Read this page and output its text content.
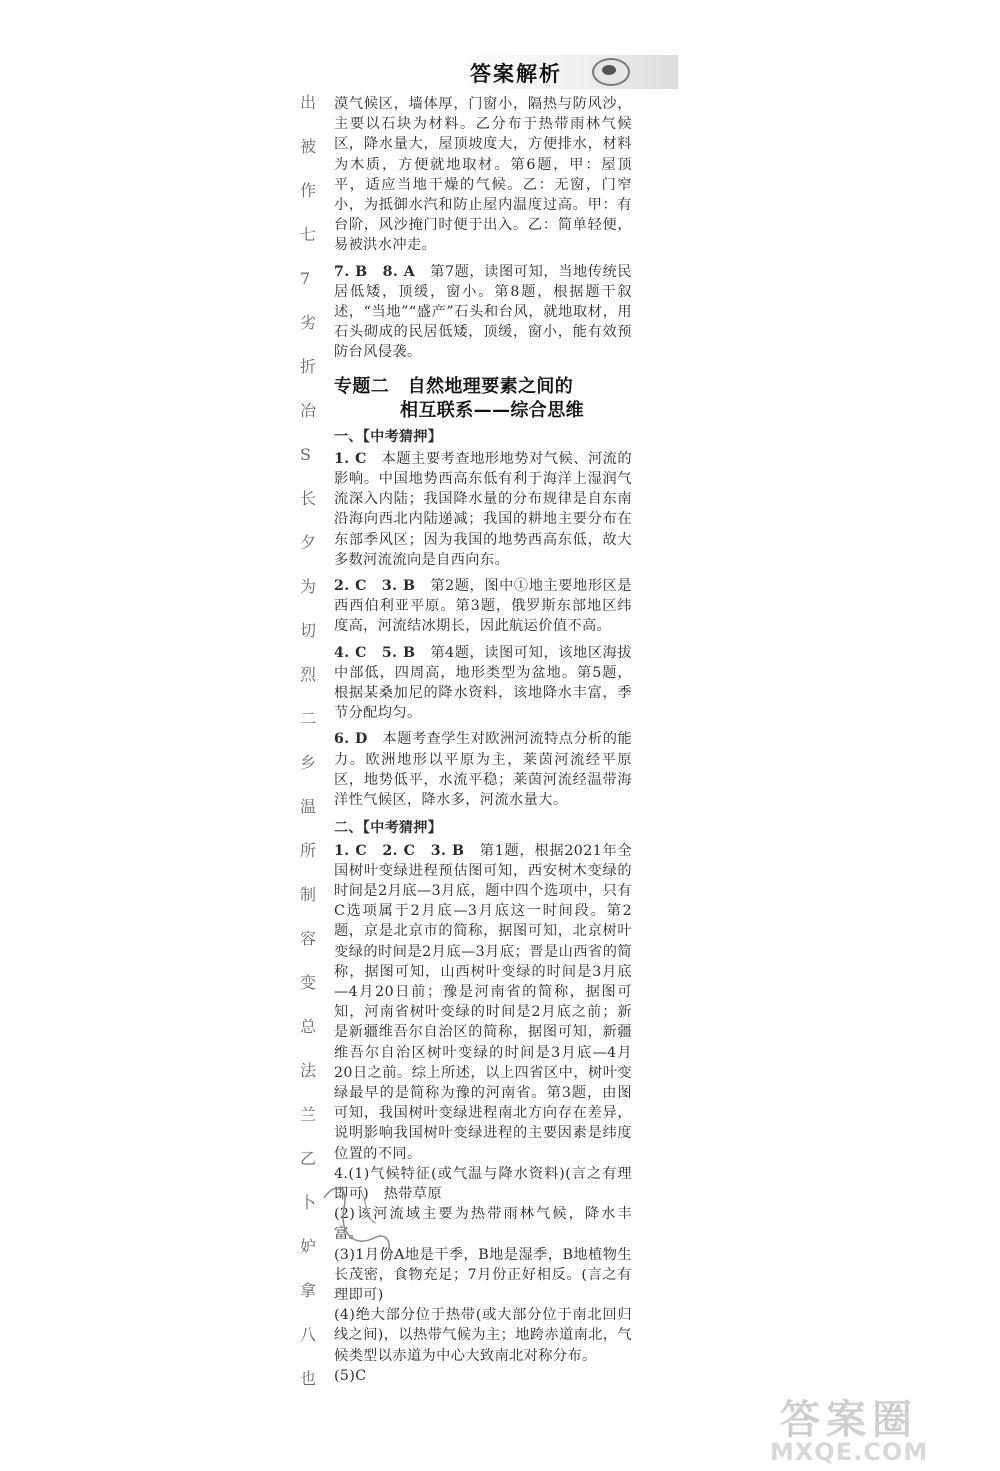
答案解析
出
被
作
七
7
劣
折
冶
S
长
夕
为
切
烈
二
乡
温
所
制
容
变
总
法
兰
乙
卜
妒
拿
八
也

漠气候区，墙体厚，门窗小，隔热与防风沙，主要以石块为材料。乙分布于热带雨林气候区，降水量大，屋顶坡度大，方便排水，材料为木质，方便就地取材。第6题，甲：屋顶平，适应当地干燥的气候。乙：无窗，门窄小，为抵御水汽和防止屋内温度过高。甲：有台阶，风沙掩门时便于出入。乙：简单轻便，易被洪水冲走。

7. B　8. A　第7题，读图可知，当地传统民居低矮，顶缓，窗小。第8题，根据题干叙述，“当地”“盛产”石头和台风，就地取材，用石头砌成的民居低矮，顶缓，窗小，能有效预防台风侵袭。

专题二　自然地理要素之间的
相互联系——综合思维
一、【中考猜押】

1. C　本题主要考查地形地势对气候、河流的影响。中国地势西高东低有利于海洋上湿润气流深入内陆；我国降水量的分布规律是自东南沿海向西北内陆递减；我国的耕地主要分布在东部季风区；因为我国的地势西高东低，故大多数河流流向是自西向东。

2. C　3. B　第2题，图中①地主要地形区是西西伯利亚平原。第3题，俄罗斯东部地区纬度高，河流结冰期长，因此航运价值不高。

4. C　5. B　第4题，读图可知，该地区海拔中部低，四周高，地形类型为盆地。第5题，根据某桑加尼的降水资料，该地降水丰富，季节分配均匀。

6. D　本题考查学生对欧洲河流特点分析的能力。欧洲地形以平原为主，莱茵河流经平原区，地势低平，水流平稳；莱茵河流经温带海洋性气候区，降水多，河流水量大。

二、【中考猜押】

1. C　2. C　3. B　第1题，根据2021年全国树叶变绿进程预估图可知，西安树木变绿的时间是2月底—3月底，题中四个选项中，只有C选项属于2月底—3月底这一时间段。第2题，京是北京市的简称，据图可知，北京树叶变绿的时间是2月底—3月底；晋是山西省的简称，据图可知，山西树叶变绿的时间是3月底—4月20日前；豫是河南省的简称，据图可知，河南省树叶变绿的时间是2月底之前；新是新疆维吾尔自治区的简称，据图可知，新疆维吾尔自治区树叶变绿的时间是3月底—4月20日之前。综上所述，以上四省区中，树叶变绿最早的是简称为豫的河南省。第3题，由图可知，我国树叶变绿进程南北方向存在差异，说明影响我国树叶变绿进程的主要因素是纬度位置的不同。

4.(1)气候特征(或气温与降水资料)(言之有理即可)　热带草原

(2)该河流域主要为热带雨林气候，降水丰富。

(3)1月份A地是干季，B地是湿季，B地植物生长茂密，食物充足；7月份正好相反。(言之有理即可)

(4)绝大部分位于热带(或大部分位于南北回归线之间)，以热带气候为主；地跨赤道南北，气候类型以赤道为中心大致南北对称分布。

(5)C

答案圈
MXQE.COM
